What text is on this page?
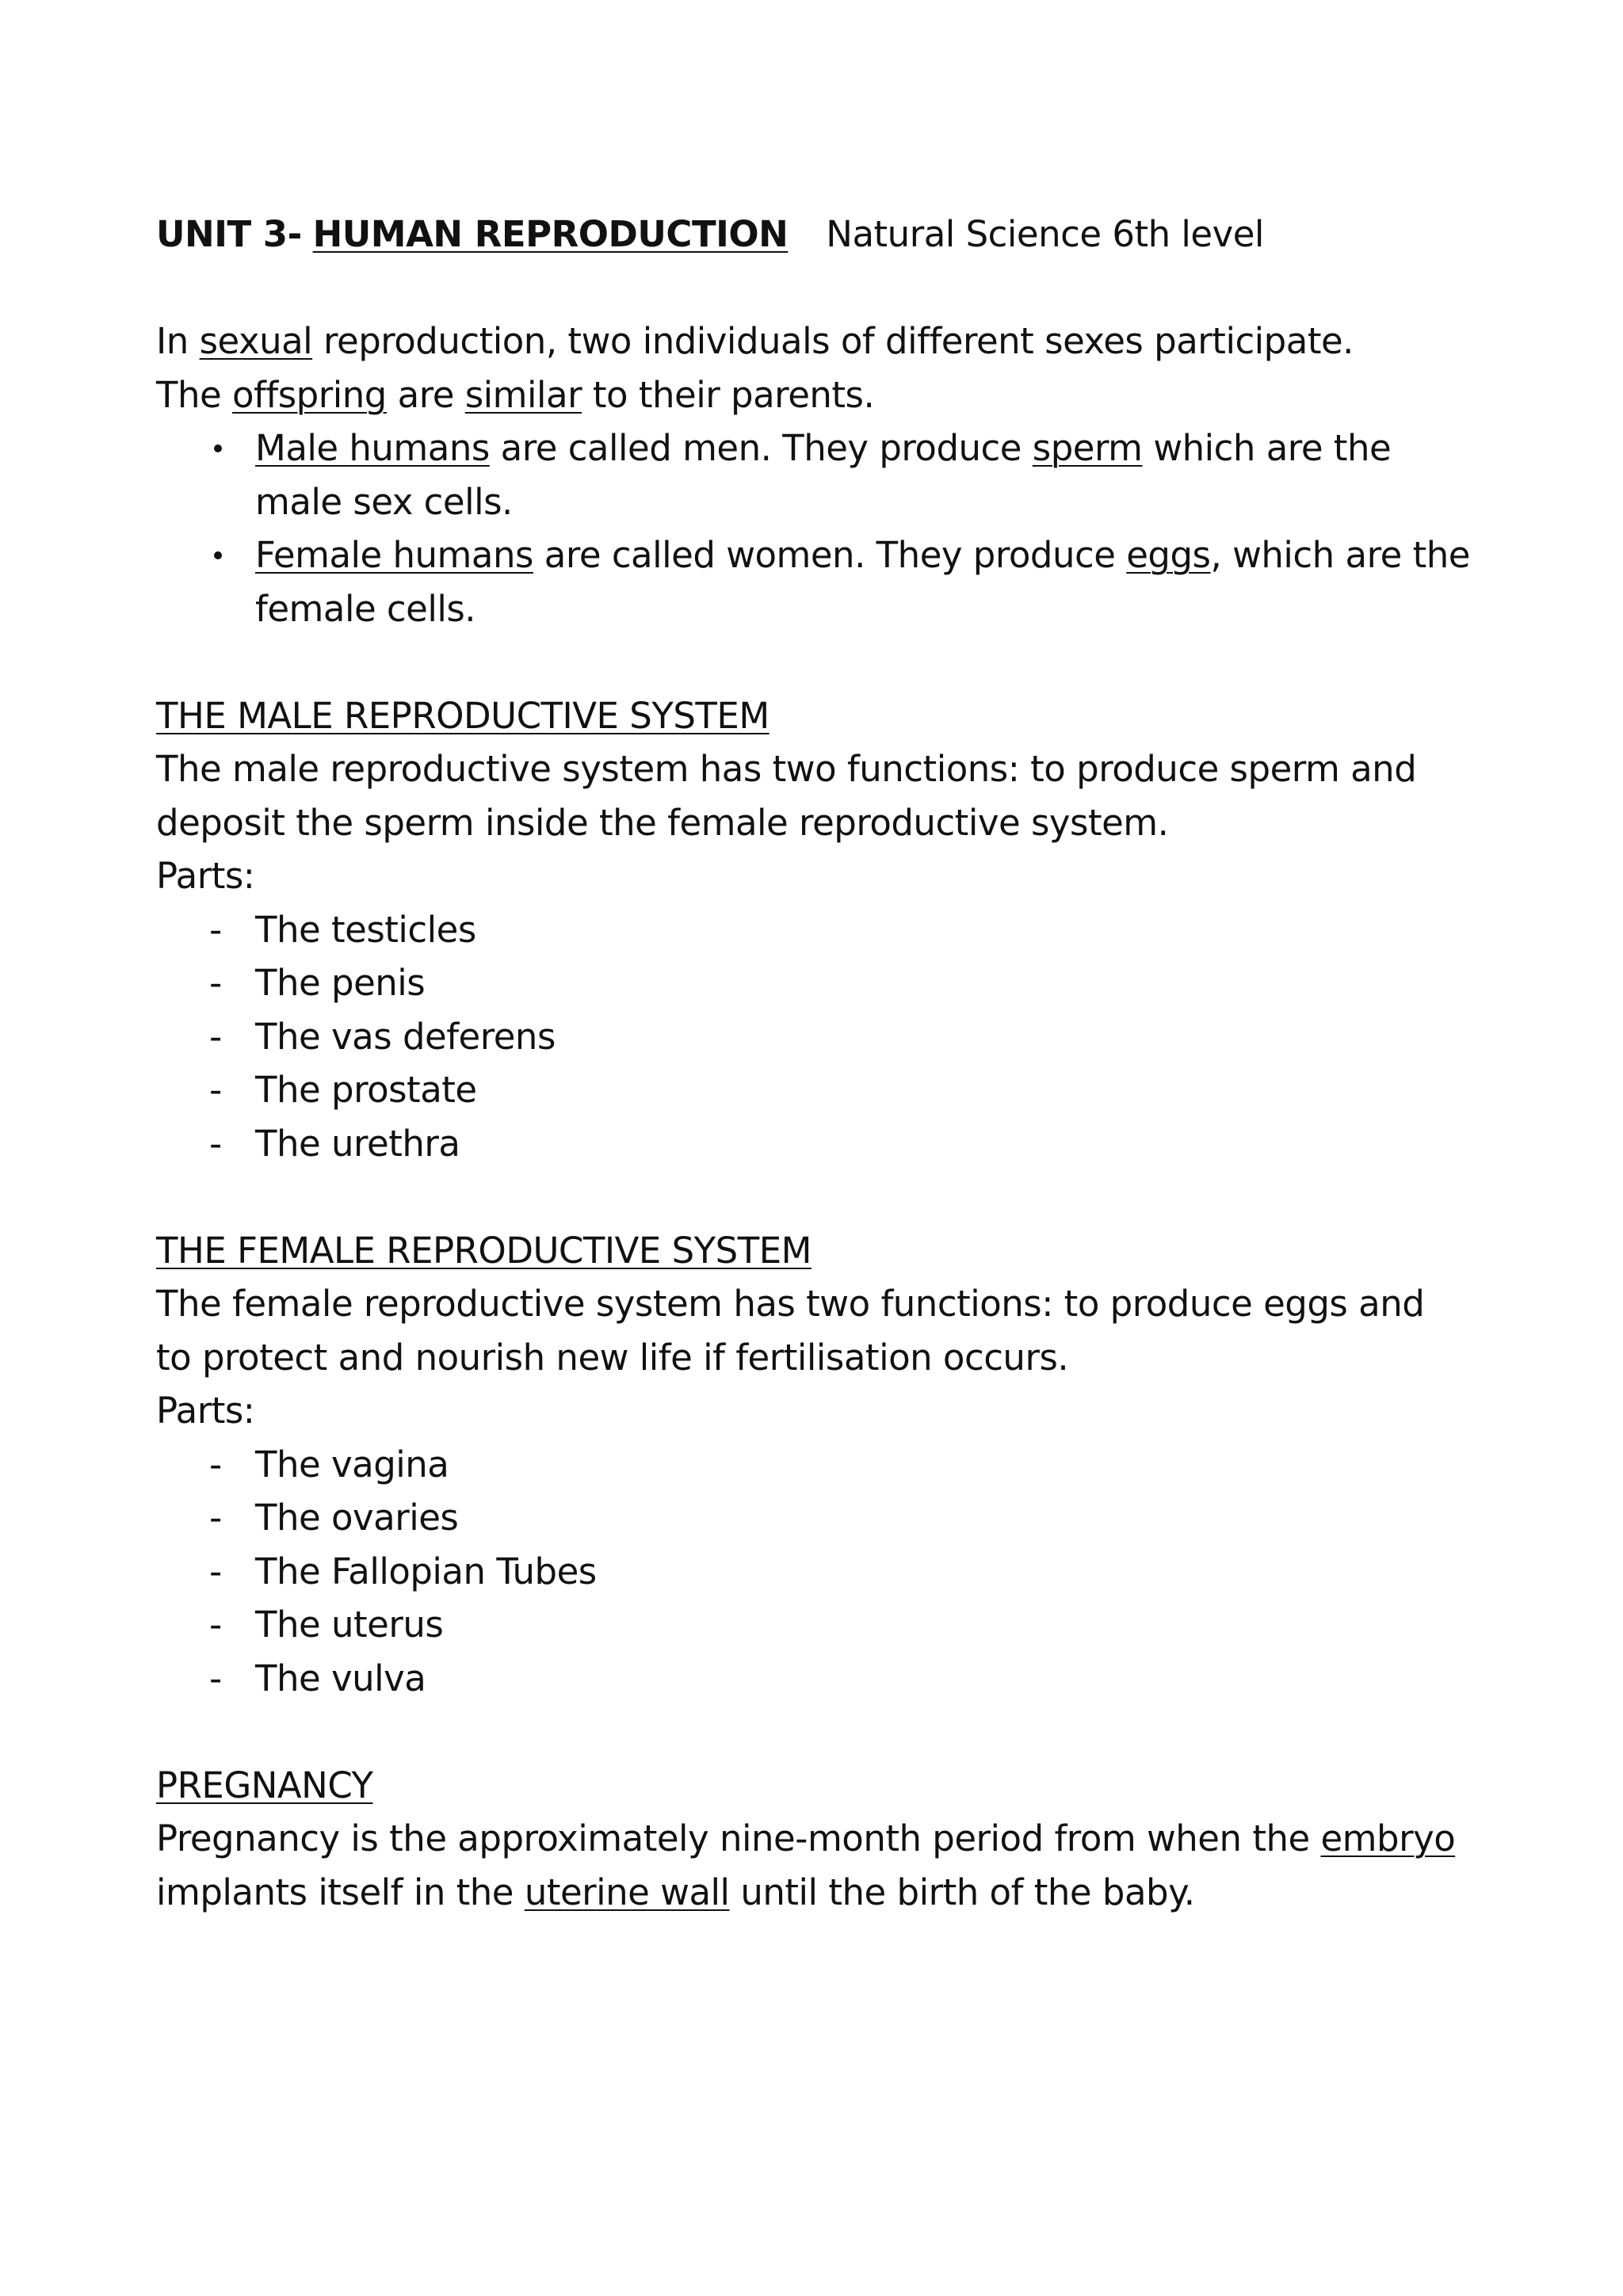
UNIT 3- HUMAN REPRODUCTION Natural Science 6th level

In sexual reproduction, two individuals of different sexes participate.

The offspring are similar to their parents.

Male humans are called men. They produce sperm which are the

male sex cells.

Female humans are called women. They produce eggs, which are the

female cells.

THE MALE REPRODUCTIVE SYSTEM

The male reproductive system has two functions: to produce sperm and

deposit the sperm inside the female reproductive system.

Parts:

- The testicles

- The penis

- The vas deferens

- The prostate

- The urethra

THE FEMALE REPRODUCTIVE SYSTEM

The female reproductive system has two functions: to produce eggs and

to protect and nourish new life if fertilisation occurs.

Parts:

- The vagina

- The ovaries

- The Fallopian Tubes

- The uterus

- The vulva

PREGNANCY

Pregnancy is the approximately nine-month period from when the embryo

implants itself in the uterine wall until the birth of the baby.
